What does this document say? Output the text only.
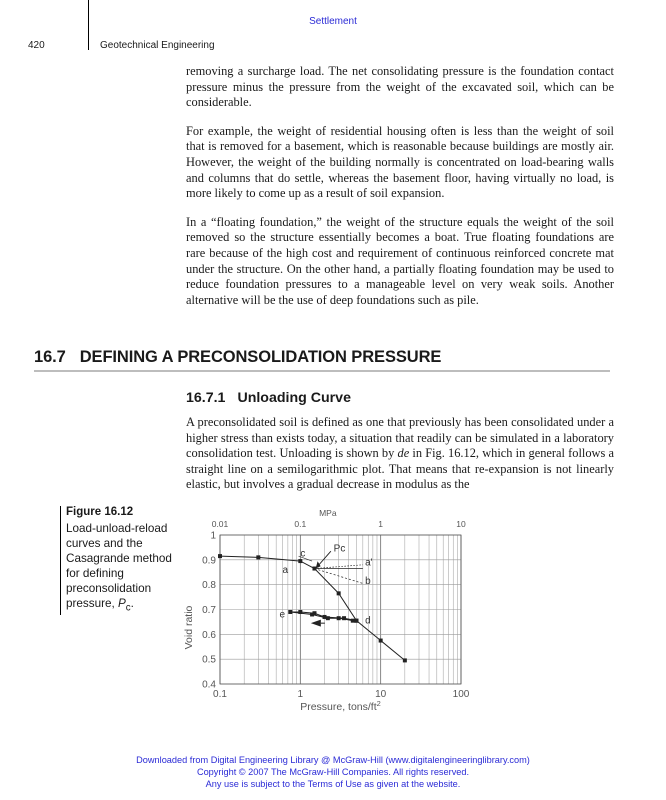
Settlement
420	Geotechnical Engineering

removing a surcharge load. The net consolidating pressure is the foundation contact pressure minus the pressure from the weight of the excavated soil, which can be considerable.

For example, the weight of residential housing often is less than the weight of soil that is removed for a basement, which is reasonable because buildings are mostly air. However, the weight of the building normally is concentrated on load-bearing walls and columns that do settle, whereas the basement floor, having virtually no load, is more likely to come up as a result of soil expansion.

In a “floating foundation,” the weight of the structure equals the weight of the soil removed so the structure essentially becomes a boat. True floating foundations are rare because of the high cost and requirement of continuous reinforced concrete mat under the structure. On the other hand, a partially floating foundation may be used to reduce foundation pressures to a manageable level on very weak soils. Another alternative will be the use of deep foundations such as pile.

16.7 DEFINING A PRECONSOLIDATION PRESSURE
16.7.1 Unloading Curve

A preconsolidated soil is defined as one that previously has been consolidated under a higher stress than exists today, a situation that readily can be simulated in a laboratory consolidation test. Unloading is shown by de in Fig. 16.12, which in general follows a straight line on a semilogarithmic plot. That means that re-expansion is not linearly elastic, but involves a gradual decrease in modulus as the

Figure 16.12
Load-unload-reload curves and the Casagrande method for defining preconsolidation pressure, $P_c$.
0.4
0.5
0.6
0.7
0.8
0.9
1
0.1	1	10	100
0.01	0.1	1	10
MPa
Pressure, tons/$ft^2$
Void ratio
Pc
c
a
a'
b
e
d
Downloaded from Digital Engineering Library @ McGraw-Hill (www.digitalengineeringlibrary.com)
Copyright © 2007 The McGraw-Hill Companies. All rights reserved.
Any use is subject to the Terms of Use as given at the website.
